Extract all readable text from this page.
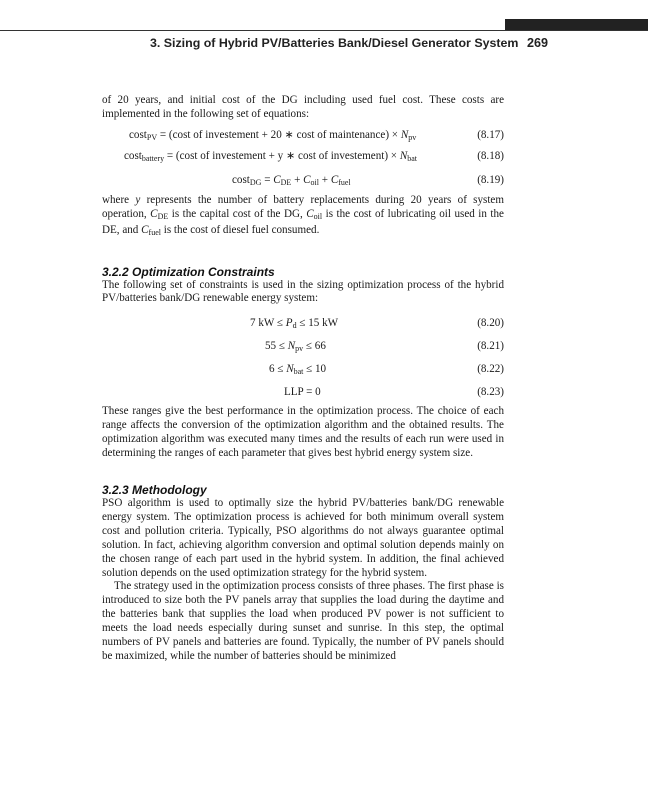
3. Sizing of Hybrid PV/Batteries Bank/Diesel Generator System 269

of 20 years, and initial cost of the DG including used fuel cost. These costs are implemented in the following set of equations:

cost$_{PV}$ = (cost of investement + 20 ∗ cost of maintenance) × $N_{pv}$	(8.17)
cost$_{battery}$ = (cost of investement + y ∗ cost of investement) × $N_{bat}$	(8.18)
$\cos t_{DG} = C_{DE} + C_{oil} + C_{fuel}$	(8.19)

where y represents the number of battery replacements during 20 years of system operation, $C_{DE}$ is the capital cost of the DG, $C_{oil}$ is the cost of lubricating oil used in the DE, and $C_{fuel}$ is the cost of diesel fuel consumed.

3.2.2 Optimization Constraints

The following set of constraints is used in the sizing optimization process of the hybrid PV/batteries bank/DG renewable energy system:

7 kW ≤ $P_d \le 15$ kW	(8.20)
$55 \le N_{pv} \le 66$	(8.21)
$6 \le N_{bat} \le 10$	(8.22)
LLP = 0	(8.23)

These ranges give the best performance in the optimization process. The choice of each range affects the conversion of the optimization algorithm and the obtained results. The optimization algorithm was executed many times and the results of each run were used in determining the ranges of each parameter that gives best hybrid energy system size.

3.2.3 Methodology

PSO algorithm is used to optimally size the hybrid PV/batteries bank/DG renewable energy system. The optimization process is achieved for both minimum overall system cost and pollution criteria. Typically, PSO algorithms do not always guarantee optimal solution. In fact, achieving algorithm conversion and optimal solution depends mainly on the chosen range of each part used in the hybrid system. In addition, the final achieved solution depends on the used optimization strategy for the hybrid system.

The strategy used in the optimization process consists of three phases. The first phase is introduced to size both the PV panels array that supplies the load during the daytime and the batteries bank that supplies the load when produced PV power is not sufficient to meets the load needs especially during sunset and sunrise. In this step, the optimal numbers of PV panels and batteries are found. Typically, the number of PV panels should be maximized, while the number of batteries should be minimized
